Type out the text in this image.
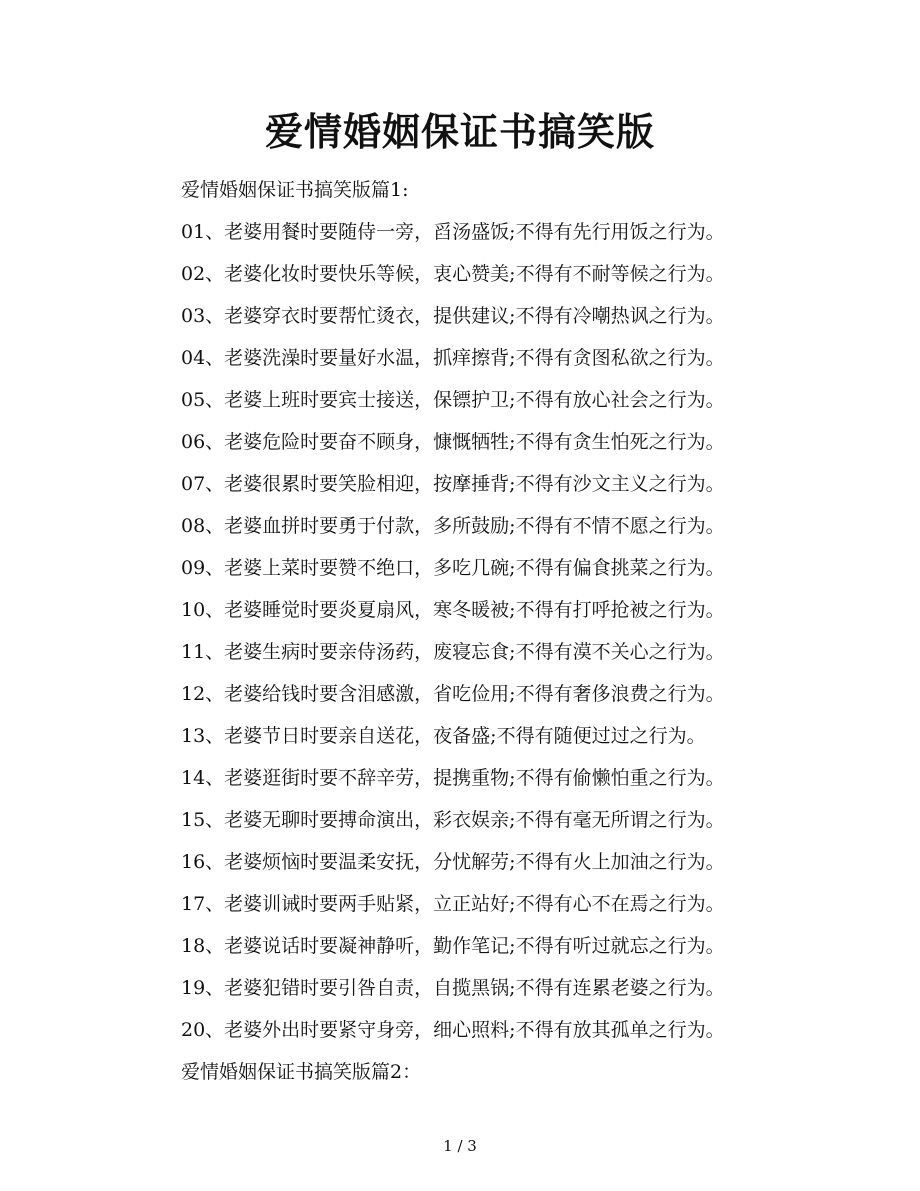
爱情婚姻保证书搞笑版
爱情婚姻保证书搞笑版篇1:
01、老婆用餐时要随侍一旁，舀汤盛饭;不得有先行用饭之行为。
02、老婆化妆时要快乐等候，衷心赞美;不得有不耐等候之行为。
03、老婆穿衣时要帮忙烫衣，提供建议;不得有冷嘲热讽之行为。
04、老婆洗澡时要量好水温，抓痒擦背;不得有贪图私欲之行为。
05、老婆上班时要宾士接送，保镖护卫;不得有放心社会之行为。
06、老婆危险时要奋不顾身，慷慨牺牲;不得有贪生怕死之行为。
07、老婆很累时要笑脸相迎，按摩捶背;不得有沙文主义之行为。
08、老婆血拼时要勇于付款，多所鼓励;不得有不情不愿之行为。
09、老婆上菜时要赞不绝口，多吃几碗;不得有偏食挑菜之行为。
10、老婆睡觉时要炎夏扇风，寒冬暖被;不得有打呼抢被之行为。
11、老婆生病时要亲侍汤药，废寝忘食;不得有漠不关心之行为。
12、老婆给钱时要含泪感激，省吃俭用;不得有奢侈浪费之行为。
13、老婆节日时要亲自送花，夜备盛;不得有随便过过之行为。
14、老婆逛街时要不辞辛劳，提携重物;不得有偷懒怕重之行为。
15、老婆无聊时要搏命演出，彩衣娱亲;不得有毫无所谓之行为。
16、老婆烦恼时要温柔安抚，分忧解劳;不得有火上加油之行为。
17、老婆训诫时要两手贴紧，立正站好;不得有心不在焉之行为。
18、老婆说话时要凝神静听，勤作笔记;不得有听过就忘之行为。
19、老婆犯错时要引咎自责，自揽黑锅;不得有连累老婆之行为。
20、老婆外出时要紧守身旁，细心照料;不得有放其孤单之行为。
爱情婚姻保证书搞笑版篇2：
1 / 3
